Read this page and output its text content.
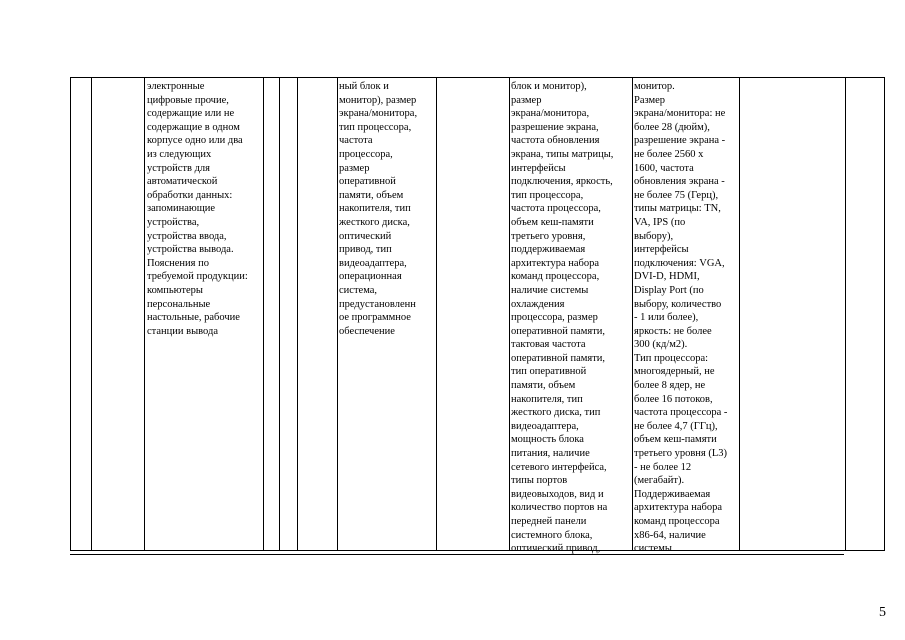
электронные
цифровые прочие,
содержащие или не
содержащие в одном
корпусе одно или два
из следующих
устройств для
автоматической
обработки данных:
запоминающие
устройства,
устройства ввода,
устройства вывода.
Пояснения по
требуемой продукции:
компьютеры
персональные
настольные, рабочие
станции вывода
ный блок и
монитор), размер
экрана/монитора,
тип процессора,
частота
процессора,
размер
оперативной
памяти, объем
накопителя, тип
жесткого диска,
оптический
привод, тип
видеоадаптера,
операционная
система,
предустановленн
ое программное
обеспечение
блок и монитор),
размер
экрана/монитора,
разрешение экрана,
частота обновления
экрана, типы матрицы,
интерфейсы
подключения, яркость,
тип процессора,
частота процессора,
объем кеш-памяти
третьего уровня,
поддерживаемая
архитектура набора
команд процессора,
наличие системы
охлаждения
процессора, размер
оперативной памяти,
тактовая частота
оперативной памяти,
тип оперативной
памяти, объем
накопителя, тип
жесткого диска, тип
видеоадаптера,
мощность блока
питания, наличие
сетевого интерфейса,
типы портов
видеовыходов, вид и
количество портов на
передней панели
системного блока,
оптический привод,
монитор.
Размер
экрана/монитора: не
более 28 (дюйм),
разрешение экрана -
не более 2560 x
1600, частота
обновления экрана -
не более 75 (Герц),
типы матрицы: TN,
VA, IPS (по
выбору),
интерфейсы
подключения: VGA,
DVI-D, HDMI,
Display Port (по
выбору, количество
- 1 или более),
яркость: не более
300 (кд/м2).
Тип процессора:
многоядерный, не
более 8 ядер, не
более 16 потоков,
частота процессора -
не более 4,7 (ГГц),
объем кеш-памяти
третьего уровня (L3)
- не более 12
(мегабайт).
Поддерживаемая
архитектура набора
команд процессора
x86-64, наличие
системы
5
